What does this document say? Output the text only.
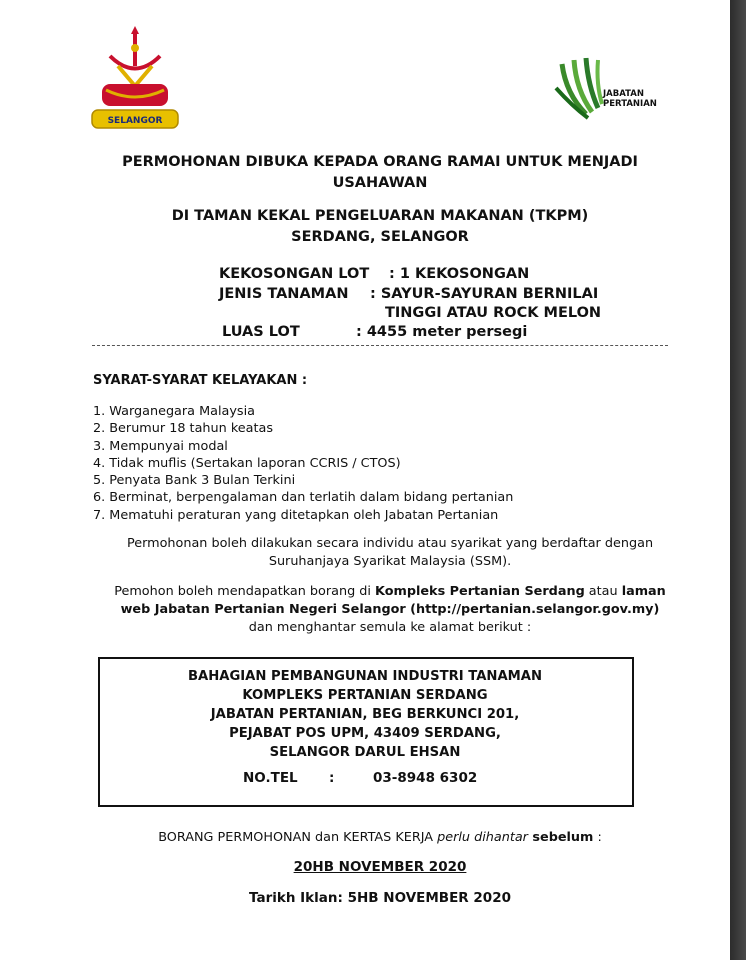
SELANGOR
JABATAN
PERTANIAN
PERMOHONAN DIBUKA KEPADA ORANG RAMAI UNTUK MENJADI
USAHAWAN
DI TAMAN KEKAL PENGELUARAN MAKANAN (TKPM)
SERDANG, SELANGOR
KEKOSONGAN LOT : 1 KEKOSONGAN
JENIS TANAMAN : SAYUR-SAYURAN BERNILAI
TINGGI ATAU ROCK MELON
LUAS LOT	: 4455 meter persegi
SYARAT-SYARAT KELAYAKAN :
1. Warganegara Malaysia
2. Berumur 18 tahun keatas
3. Mempunyai modal
4. Tidak muflis (Sertakan laporan CCRIS / CTOS)
5. Penyata Bank 3 Bulan Terkini
6. Berminat, berpengalaman dan terlatih dalam bidang pertanian
7. Mematuhi peraturan yang ditetapkan oleh Jabatan Pertanian
Permohonan boleh dilakukan secara individu atau syarikat yang berdaftar dengan
Suruhanjaya Syarikat Malaysia (SSM).
Pemohon boleh mendapatkan borang di Kompleks Pertanian Serdang atau laman
web Jabatan Pertanian Negeri Selangor (http://pertanian.selangor.gov.my)
dan menghantar semula ke alamat berikut :
BAHAGIAN PEMBANGUNAN INDUSTRI TANAMAN
KOMPLEKS PERTANIAN SERDANG
JABATAN PERTANIAN, BEG BERKUNCI 201,
PEJABAT POS UPM, 43409 SERDANG,
SELANGOR DARUL EHSAN
NO.TEL :	03-8948 6302
BORANG PERMOHONAN dan KERTAS KERJA perlu dihantar sebelum :
20HB NOVEMBER 2020
Tarikh Iklan: 5HB NOVEMBER 2020
